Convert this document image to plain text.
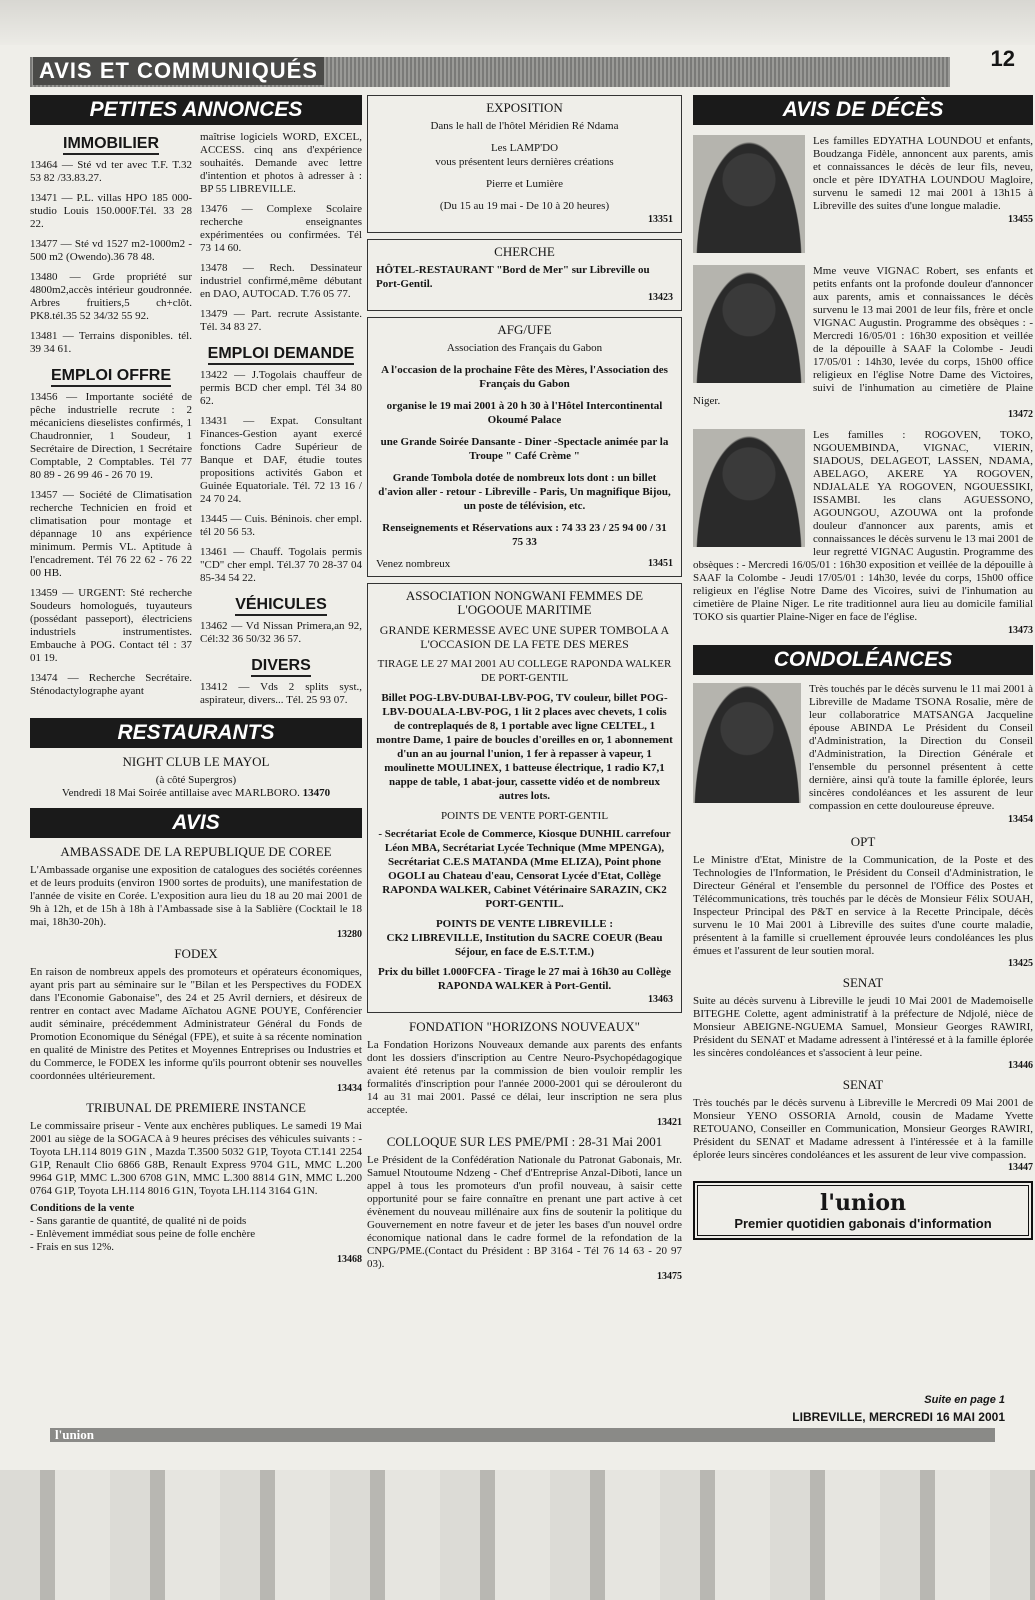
AVIS ET COMMUNIQUÉS	12
PETITES ANNONCES
IMMOBILIER

13464 — Sté vd ter avec T.F. T.32 53 82 /33.83.27.

13471 — P.L. villas HPO 185 000- studio Louis 150.000F.Tél. 33 28 22.

13477 — Sté vd 1527 m2-1000m2 - 500 m2 (Owendo).36 78 48.

13480 — Grde propriété sur 4800m2,accès intérieur goudronnée. Arbres fruitiers,5 ch+clôt. PK8.tél.35 52 34/32 55 92.

13481 — Terrains disponibles. tél. 39 34 61.

EMPLOI OFFRE

13456 — Importante société de pêche industrielle recrute : 2 mécaniciens dieselistes confirmés, 1 Chaudronnier, 1 Soudeur, 1 Secrétaire de Direction, 1 Secrétaire Comptable, 2 Comptables. Tél 77 80 89 - 26 99 46 - 26 70 19.

13457 — Société de Climatisation recherche Technicien en froid et climatisation pour montage et dépannage 10 ans expérience minimum. Permis VL. Aptitude à l'encadrement. Tél 76 22 62 - 76 22 00 HB.

13459 — URGENT: Sté recherche Soudeurs homologués, tuyauteurs (possédant passeport), électriciens industriels instrumentistes. Embauche à POG. Contact tél : 37 01 19.

13474 — Recherche Secrétaire. Sténodactylographe ayant

maîtrise logiciels WORD, EXCEL, ACCESS. cinq ans d'expérience souhaités. Demande avec lettre d'intention et photos à adresser à : BP 55 LIBREVILLE.

13476 — Complexe Scolaire recherche enseignantes expérimentées ou confirmées. Tél 73 14 60.

13478 — Rech. Dessinateur industriel confirmé,même débutant en DAO, AUTOCAD. T.76 05 77.

13479 — Part. recrute Assistante. Tél. 34 83 27.

EMPLOI DEMANDE

13422 — J.Togolais chauffeur de permis BCD cher empl. Tél 34 80 62.

13431 — Expat. Consultant Finances-Gestion ayant exercé fonctions Cadre Supérieur de Banque et DAF, étudie toutes propositions activités Gabon et Guinée Equatoriale. Tél. 72 13 16 / 24 70 24.

13445 — Cuis. Béninois. cher empl. tél 20 56 53.

13461 — Chauff. Togolais permis "CD" cher empl. Tél.37 70 28-37 04 85-34 54 22.

VÉHICULES

13462 — Vd Nissan Primera,an 92, Cél:32 36 50/32 36 57.

DIVERS

13412 — Vds 2 splits syst., aspirateur, divers... Tél. 25 93 07.

RESTAURANTS
NIGHT CLUB LE MAYOL
(à côté Supergros)
Vendredi 18 Mai Soirée antillaise avec MARLBORO. 13470
AVIS
AMBASSADE DE LA REPUBLIQUE DE COREE

L'Ambassade organise une exposition de catalogues des sociétés coréennes et de leurs produits (environ 1900 sortes de produits), une manifestation de l'année de visite en Corée. L'exposition aura lieu du 18 au 20 mai 2001 de 9h à 12h, et de 15h à 18h à l'Ambassade sise à la Sablière (Cocktail le 18 mai, 18h30-20h).

13280
FODEX

En raison de nombreux appels des promoteurs et opérateurs économiques, ayant pris part au séminaire sur le "Bilan et les Perspectives du FODEX dans l'Economie Gabonaise", des 24 et 25 Avril derniers, et désireux de rentrer en contact avec Madame Aïchatou AGNE POUYE, Conférencier audit séminaire, précédemment Administrateur Général du Fonds de Promotion Economique du Sénégal (FPE), et suite à sa récente nomination en qualité de Ministre des Petites et Moyennes Entreprises ou Industries et du Commerce, le FODEX les informe qu'ils pourront obtenir ses nouvelles coordonnées ultérieurement.

13434
TRIBUNAL DE PREMIERE INSTANCE

Le commissaire priseur - Vente aux enchères publiques. Le samedi 19 Mai 2001 au siège de la SOGACA à 9 heures précises des véhicules suivants : - Toyota LH.114 8019 G1N , Mazda T.3500 5032 G1P, Toyota CT.141 2254 G1P, Renault Clio 6866 G8B, Renault Express 9704 G1L, MMC L.200 9964 G1P, MMC L.300 6708 G1N, MMC L.300 8814 G1N, MMC L.200 0764 G1P, Toyota LH.114 8016 G1N, Toyota LH.114 3164 G1N.

Conditions de la vente
- Sans garantie de quantité, de qualité ni de poids
- Enlèvement immédiat sous peine de folle enchère
- Frais en sus 12%.
13468
EXPOSITION
Dans le hall de l'hôtel Méridien Ré Ndama
Les LAMP'DO
vous présentent leurs dernières créations
Pierre et Lumière
(Du 15 au 19 mai - De 10 à 20 heures)
13351
CHERCHE
HÔTEL-RESTAURANT "Bord de Mer" sur Libreville ou Port-Gentil.
13423
AFG/UFE
Association des Français du Gabon
A l'occasion de la prochaine Fête des Mères, l'Association des Français du Gabon
organise le 19 mai 2001 à 20 h 30 à l'Hôtel Intercontinental Okoumé Palace
une Grande Soirée Dansante - Diner -Spectacle animée par la Troupe " Café Crème "
Grande Tombola dotée de nombreux lots dont : un billet d'avion aller - retour - Libreville - Paris, Un magnifique Bijou, un poste de télévision, etc.
Renseignements et Réservations aux : 74 33 23 / 25 94 00 / 31 75 33
Venez nombreux	13451
ASSOCIATION NONGWANI FEMMES DE L'OGOOUE MARITIME
GRANDE KERMESSE AVEC UNE SUPER TOMBOLA A L'OCCASION DE LA FETE DES MERES
TIRAGE LE 27 MAI 2001 AU COLLEGE RAPONDA WALKER DE PORT-GENTIL
Billet POG-LBV-DUBAI-LBV-POG, TV couleur, billet POG-LBV-DOUALA-LBV-POG, 1 lit 2 places avec chevets, 1 colis de contreplaqués de 8, 1 portable avec ligne CELTEL, 1 montre Dame, 1 paire de boucles d'oreilles en or, 1 abonnement d'un an au journal l'union, 1 fer à repasser à vapeur, 1 moulinette MOULINEX, 1 batteuse électrique, 1 radio K7,1 nappe de table, 1 abat-jour, cassette vidéo et de nombreux autres lots.
POINTS DE VENTE PORT-GENTIL
- Secrétariat Ecole de Commerce, Kiosque DUNHIL carrefour Léon MBA, Secrétariat Lycée Technique (Mme MPENGA), Secrétariat C.E.S MATANDA (Mme ELIZA), Point phone OGOLI au Chateau d'eau, Censorat Lycée d'Etat, Collège RAPONDA WALKER, Cabinet Vétérinaire SARAZIN, CK2 PORT-GENTIL.
POINTS DE VENTE LIBREVILLE :
CK2 LIBREVILLE, Institution du SACRE COEUR (Beau Séjour, en face de E.S.T.T.M.)
Prix du billet 1.000FCFA - Tirage le 27 mai à 16h30 au Collège RAPONDA WALKER à Port-Gentil.
13463
FONDATION "HORIZONS NOUVEAUX"

La Fondation Horizons Nouveaux demande aux parents des enfants dont les dossiers d'inscription au Centre Neuro-Psychopédagogique avaient été retenus par la commission de bien vouloir remplir les formalités d'inscription pour l'année 2000-2001 qui se dérouleront du 14 au 31 mai 2001. Passé ce délai, leur inscription ne sera plus acceptée.

13421
COLLOQUE SUR LES PME/PMI : 28-31 Mai 2001

Le Président de la Confédération Nationale du Patronat Gabonais, Mr. Samuel Ntoutoume Ndzeng - Chef d'Entreprise Anzal-Diboti, lance un appel à tous les promoteurs d'un profil nouveau, à saisir cette opportunité pour se faire connaître en prenant une part active à cet évènement du nouveau millénaire aux fins de soutenir la politique du Gouvernement en notre faveur et de jeter les bases d'un nouvel ordre économique national dans le cadre formel de la refondation de la CNPG/PME.(Contact du Président : BP 3164 - Tél 76 14 63 - 20 97 03).

13475
AVIS DE DÉCÈS
Les familles EDYATHA LOUNDOU et enfants, Boudzanga Fidèle, annoncent aux parents, amis et connaissances le décès de leur fils, neveu, oncle et père IDYATHA LOUNDOU Magloire, survenu le samedi 12 mai 2001 à 13h15 à Libreville des suites d'une longue maladie.
13455
Mme veuve VIGNAC Robert, ses enfants et petits enfants ont la profonde douleur d'annoncer aux parents, amis et connaissances le décès survenu le 13 mai 2001 de leur fils, frère et oncle VIGNAC Augustin. Programme des obsèques : - Mercredi 16/05/01 : 16h30 exposition et veillée de la dépouille à SAAF la Colombe - Jeudi 17/05/01 : 14h30, levée du corps, 15h00 office religieux en l'église Notre Dame des Victoires, suivi de l'inhumation au cimetière de Plaine Niger.
13472
Les familles : ROGOVEN, TOKO, NGOUEMBINDA, VIGNAC, VIERIN, SIADOUS, DELAGEOT, LASSEN, NDAMA, ABELAGO, AKERE YA ROGOVEN, NDJALALE YA ROGOVEN, NGOUESSIKI, ISSAMBI. les clans AGUESSONO, AGOUNGOU, AZOUWA ont la profonde douleur d'annoncer aux parents, amis et connaissances le décès survenu le 13 mai 2001 de leur regretté VIGNAC Augustin. Programme des obsèques : - Mercredi 16/05/01 : 16h30 exposition et veillée de la dépouille à SAAF la Colombe - Jeudi 17/05/01 : 14h30, levée du corps, 15h00 office religieux en l'église Notre Dame des Vicoires, suivi de l'inhumation au cimetière de Plaine Niger. Le rite traditionnel aura lieu au domicile familial TOKO sis quartier Plaine-Niger en face de l'église.
13473
CONDOLÉANCES
Très touchés par le décès survenu le 11 mai 2001 à Libreville de Madame TSONA Rosalie, mère de leur collaboratrice MATSANGA Jacqueline épouse ABINDA Le Président du Conseil d'Administration, la Direction du Conseil d'Administration, la Direction Générale et l'ensemble du personnel présentent à cette dernière, ainsi qu'à toute la famille éplorée, leurs sincères condoléances et les assurent de leur compassion en cette douloureuse épreuve.
13454
OPT

Le Ministre d'Etat, Ministre de la Communication, de la Poste et des Technologies de l'Information, le Président du Conseil d'Administration, le Directeur Général et l'ensemble du personnel de l'Office des Postes et Télécommunications, très touchés par le décès de Monsieur Félix SOUAH, Inspecteur Principal des P&T en service à la Recette Principale, décès survenu le 10 Mai 2001 à Libreville des suites d'une courte maladie, présentent à la famille si cruellement éprouvée leurs condoléances les plus émues et l'assurent de leur soutien moral.

13425
SENAT

Suite au décès survenu à Libreville le jeudi 10 Mai 2001 de Mademoiselle BITEGHE Colette, agent administratif à la préfecture de Ndjolé, nièce de Monsieur ABEIGNE-NGUEMA Samuel, Monsieur Georges RAWIRI, Président du SENAT et Madame adressent à l'intéressé et à la famille éplorée les sincères condoléances et s'associent à leur peine.

13446
SENAT

Très touchés par le décès survenu à Libreville le Mercredi 09 Mai 2001 de Monsieur YENO OSSORIA Arnold, cousin de Madame Yvette RETOUANO, Conseiller en Communication, Monsieur Georges RAWIRI, Président du SENAT et Madame adressent à l'intéressée et à la famille éplorée leurs sincères condoléances et les assurent de leur vive compassion.

13447
l'union
Premier quotidien gabonais d'information
Suite en page 1
LIBREVILLE, MERCREDI 16 MAI 2001
l'union
